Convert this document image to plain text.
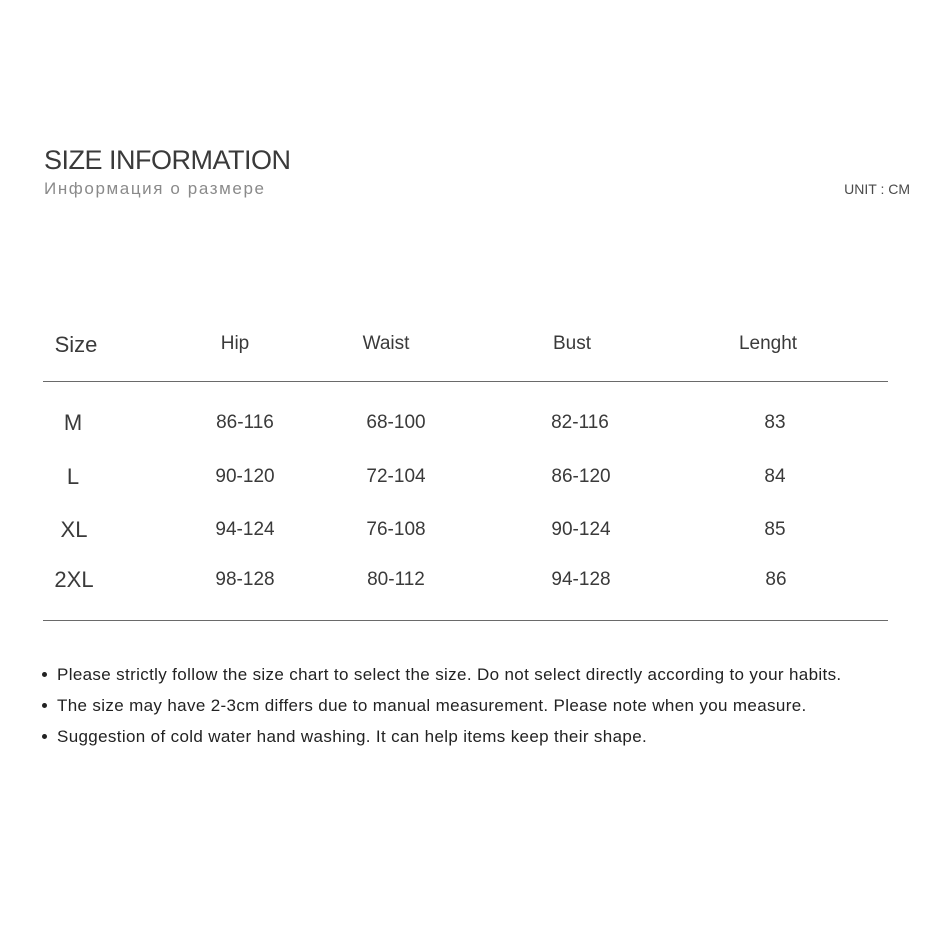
SIZE INFORMATION
Информация о размере	UNIT : CM
Size	Hip	Waist	Bust	Lenght
M	86-116	68-100	82-116	83
L	90-120	72-104	86-120	84
XL	94-124	76-108	90-124	85
2XL	98-128	80-112	94-128	86
Please strictly follow the size chart to select the size. Do not select directly according to your habits.
The size may have 2-3cm differs due to manual measurement. Please note when you measure.
Suggestion of cold water hand washing. It can help items keep their shape.
